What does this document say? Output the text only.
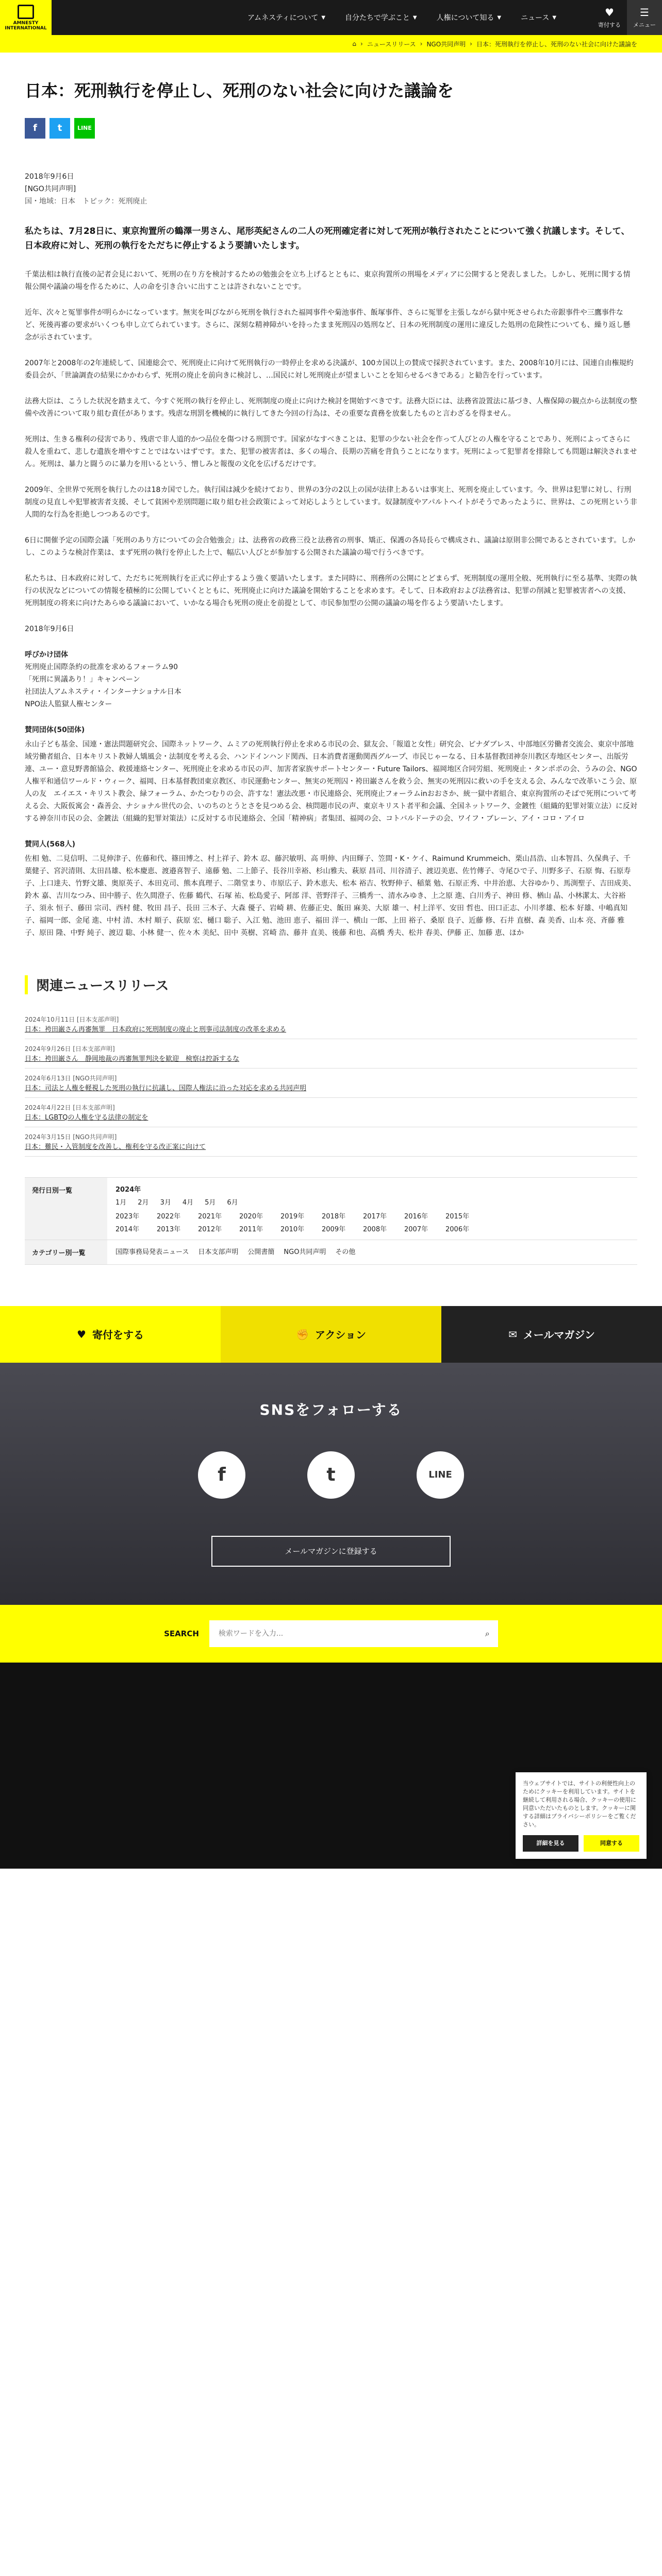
AMNESTY INTERNATIONAL
アムネスティについて ▼	自分たちで学ぶこと ▼	人権について知る ▼	ニュース ▼	♥
寄付する
☰
メニュー
⌂ › ニュースリリース › NGO共同声明 › 日本：死刑執行を停止し、死刑のない社会に向けた議論を
日本：死刑執行を停止し、死刑のない社会に向けた議論を
f	t	LINE
2018年9月6日
[NGO共同声明]
国・地域：日本　トピック：死刑廃止
私たちは、7月28日に、東京拘置所の鶴澤一男さん、尾形英紀さんの二人の死刑確定者に対して死刑が執行されたことについて強く抗議します。そして、日本政府に対し、死刑の執行をただちに停止するよう要請いたします。

千葉法相は執行直後の記者会見において、死刑の在り方を検討するための勉強会を立ち上げるとともに、東京拘置所の刑場をメディアに公開すると発表しました。しかし、死刑に関する情報公開や議論の場を作るために、人の命を引き合いに出すことは許されないことです。

近年、次々と冤罪事件が明らかになっています。無実を叫びながら死刑を執行された福岡事件や菊池事件、飯塚事件、さらに冤罪を主張しながら獄中死させられた帝銀事件や三鷹事件など、死後再審の要求がいくつも申し立てられています。さらに、深刻な精神障がいを持ったまま死刑囚の処刑など、日本の死刑制度の運用に違反した処刑の危険性についても、繰り返し懸念が示されています。

2007年と2008年の2年連続して、国連総会で、死刑廃止に向けて死刑執行の一時停止を求める決議が、100カ国以上の賛成で採択されています。また、2008年10月には、国連自由権規約委員会が、「世論調査の結果にかかわらず、死刑の廃止を前向きに検討し、…国民に対し死刑廃止が望ましいことを知らせるべきである」と勧告を行っています。

法務大臣は、こうした状況を踏まえて、今すぐ死刑の執行を停止し、死刑制度の廃止に向けた検討を開始すべきです。法務大臣には、法務省設置法に基づき、人権保障の観点から法制度の整備や改善について取り組む責任があります。残虐な刑罰を機械的に執行してきた今回の行為は、その重要な責務を放棄したものと言わざるを得ません。

死刑は、生きる権利の侵害であり、残虐で非人道的かつ品位を傷つける刑罰です。国家がなすべきことは、犯罪の少ない社会を作って人びとの人権を守ることであり、死刑によってさらに殺人を重ねて、悲しむ遺族を増やすことではないはずです。また、犯罪の被害者は、多くの場合、長期の苦痛を背負うことになります。死刑によって犯罪者を排除しても問題は解決されません。死刑は、暴力と闘うのに暴力を用いるという、憎しみと報復の文化を広げるだけです。

2009年、全世界で死刑を執行したのは18カ国でした。執行国は減少を続けており、世界の3分の2以上の国が法律上あるいは事実上、死刑を廃止しています。今、世界は犯罪に対し、行刑制度の見直しや犯罪被害者支援、そして貧困や差別問題に取り組む社会政策によって対応しようとしています。奴隷制度やアパルトヘイトがそうであったように、世界は、この死刑という非人間的な行為を拒絶しつつあるのです。

6日に開催予定の国際会議「死刑のあり方についての会合勉強会」は、法務省の政務三役と法務省の刑事、矯正、保護の各局長らで構成され、議論は原則非公開であるとされています。しかし、このような検討作業は、まず死刑の執行を停止した上で、幅広い人びとが参加する公開された議論の場で行うべきです。

私たちは、日本政府に対して、ただちに死刑執行を正式に停止するよう強く要請いたします。また同時に、刑務所の公開にとどまらず、死刑制度の運用全般、死刑執行に至る基準、実際の執行の状況などについての情報を積極的に公開していくとともに、死刑廃止に向けた議論を開始することを求めます。そして、日本政府および法務省は、犯罪の削減と犯罪被害者への支援、死刑制度の将来に向けたあらゆる議論において、いかなる場合も死刑の廃止を前提として、市民参加型の公開の議論の場を作るよう要請いたします。

2018年9月6日

呼びかけ団体

死刑廃止国際条約の批准を求めるフォーラム90

「死刑に異議あり！」キャンペーン

社団法人アムネスティ・インターナショナル日本

NPO法人監獄人権センター

賛同団体(50団体)

永山子ども基金、国連・憲法問題研究会、国際ネットワーク、ムミアの死刑執行停止を求める市民の会、獄友会、「報道と女性」研究会、ピナダブレス、中部地区労働者交流会、東京中部地域労働者組合、日本キリスト教婦人矯風会・法制度を考える会、ハンドインハンド関西、日本消費者運動関西グループ、市民じゃーなる、日本基督教団神奈川教区寿地区センター、出版労連、ユー・意見野書館協会、救援連絡センター、死刑廃止を求める市民の声、加害者家族サポートセンター・Future Tailors、福岡地区合同労組、死刑廃止・タンポポの会、うみの会、NGO人権平和通信ワールド・ウィーク、福岡、日本基督教団東京教区、市民運動センター、無実の死刑囚・袴田巌さんを救う会、無実の死刑囚に救いの手を支える会、みんなで改革いこう会、原人の友　エイエス・キリスト教会、緑フォーラム、かたつむりの会、許すな！憲法改悪・市民連絡会、死刑廃止フォーラムinおおさか、統一獄中者組合、東京拘置所のそばで死刑について考える会、大阪仮寓会・森善会、ナショナル世代の会、いのちのとうとさを見つめる会、核問題市民の声、東京キリスト者平和会議、全国ネットワーク、金鍍性（組織的犯罪対策立法）に反対する神奈川市民の会、金鍍法（組織的犯罪対策法）に反対する市民連絡会、全国「精神病」者集団、福岡の会、コトバルドーテの会、ワイフ・ブレーン、アイ・コロ・アイロ

賛同人(568人)

佐相 勉、二見信明、二見伸津子、佐藤和代、篠田博之、村上祥子、鈴木 忍、藤沢敏明、高 明伸、内田輝子、笠間・K・ケイ、Raimund Krummeich、栗山昌浩、山本智昌、久保典子、千葉健子、宮沢清則、太田昌雄、松本慶恵、渡邉喜智子、遠藤 勉、二上節子、長谷川幸裕、杉山雅夫、萩原 昌司、川谷清子、渡辺美恵、佐竹傳子、寺尾ひで子、川野多子、石原 悔、石原寿子、上口達夫、竹野文雄、奥原英子、本田克司、熊本真理子、二階堂まり、市原広子、鈴木恵夫、松本 裕吉、牧野伸子、稲葉 勉、石原正秀、中井治恵、大谷ゆかり、馬渕聖子、吉田成美、鈴木 嘉、吉川なつみ、田中勝子、佐久間澄子、佐藤 鶴代、石塚 祐、松島愛子、阿部 洋、菅野洋子、三橋秀一、清水みゆき、上之原 進、白川秀子、神田 修、楢山 晶、小林潔太、大谷裕子、須永 恒子、藤田 宗司、西村 健、牧田 昌子、長田 三木子、大森 優子、岩崎 耕、佐藤正史、飯田 麻美、大原 雄一、村上洋平、安田 哲也、田口正志、小川孝雄、松本 好雄、中嶋真知子、福岡一郎、金尾 進、中村 清、木村 順子、荻原 宏、樋口 聡子、入江 勉、池田 恵子、福田 洋一、横山 一郎、上田 裕子、桑原 良子、近藤 修、石井 直樹、森 美香、山本 亮、斉藤 雅子、原田 隆、中野 純子、渡辺 聡、小林 健一、佐々木 美紀、田中 英樹、宮崎 浩、藤井 直美、後藤 和也、高橋 秀夫、松井 春美、伊藤 正、加藤 恵、ほか

関連ニュースリリース
2024年10月11日 [日本支部声明]
日本：袴田巌さん再審無罪　日本政府に死刑制度の廃止と刑事司法制度の改革を求める
2024年9月26日 [日本支部声明]
日本：袴田巌さん　静岡地裁の再審無罪判決を歓迎　検察は控訴するな
2024年6月13日 [NGO共同声明]
日本：司法と人権を軽視した死刑の執行に抗議し、国際人権法に沿った対応を求める共同声明
2024年4月22日 [日本支部声明]
日本：LGBTQの人権を守る法律の制定を
2024年3月15日 [NGO共同声明]
日本：難民・入管制度を改善し、権利を守る改正案に向けて
発行日別一覧	2024年
1月 2月 3月 4月 5月 6月
2023年	2022年	2021年	2020年	2019年	2018年	2017年	2016年	2015年
2014年	2013年	2012年	2011年	2010年	2009年	2008年	2007年	2006年
カテゴリー別一覧	国際事務局発表ニュース 日本支部声明 公開書簡 NGO共同声明 その他
♥ 寄付をする	✊ アクション	✉ メールマガジン
SNSをフォローする
f	t	LINE
メールマガジンに登録する
SEARCH
検索ワードを入力...	⌕
当ウェブサイトでは、サイトの利便性向上のためにクッキーを利用しています。サイトを継続して利用される場合、クッキーの使用に同意いただいたものとします。クッキーに関する詳細はプライバシーポリシーをご覧ください。
詳細を見る	同意する
